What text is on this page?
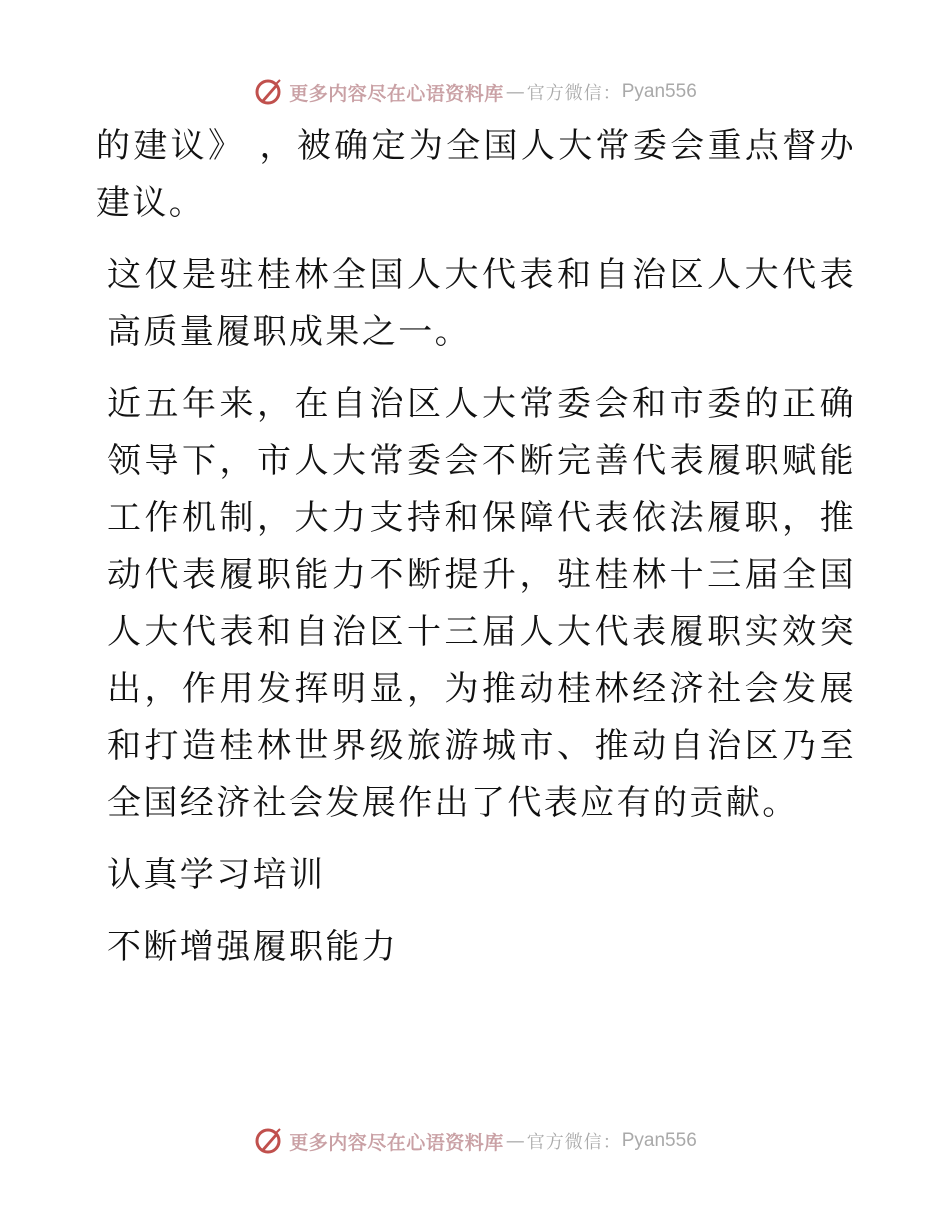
更多内容尽在心语资料库 — 官方微信： Pyan556

的建议》 ，被确定为全国人大常委会重点督办建议。

这仅是驻桂林全国人大代表和自治区人大代表高质量履职成果之一。

近五年来，在自治区人大常委会和市委的正确领导下，市人大常委会不断完善代表履职赋能工作机制，大力支持和保障代表依法履职，推动代表履职能力不断提升，驻桂林十三届全国人大代表和自治区十三届人大代表履职实效突出，作用发挥明显，为推动桂林经济社会发展和打造桂林世界级旅游城市、推动自治区乃至全国经济社会发展作出了代表应有的贡献。

认真学习培训

不断增强履职能力

更多内容尽在心语资料库 — 官方微信： Pyan556
